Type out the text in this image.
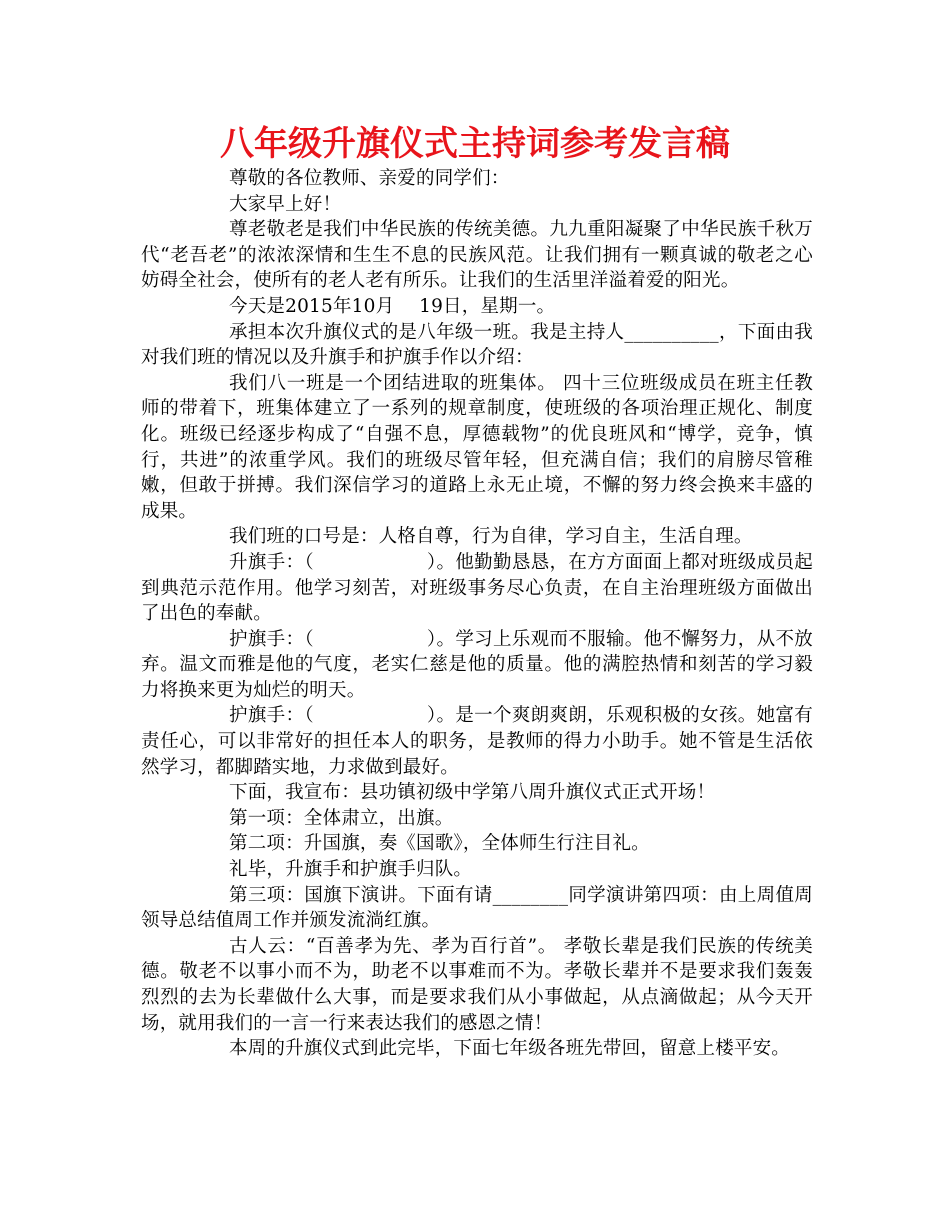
八年级升旗仪式主持词参考发言稿

尊敬的各位教师、亲爱的同学们：

大家早上好！

尊老敬老是我们中华民族的传统美德。九九重阳凝聚了中华民族千秋万代“老吾老”的浓浓深情和生生不息的民族风范。让我们拥有一颗真诚的敬老之心妨碍全社会，使所有的老人老有所乐。让我们的生活里洋溢着爱的阳光。

今天是2015年10月　 19日，星期一。

承担本次升旗仪式的是八年级一班。我是主持人__________，下面由我对我们班的情况以及升旗手和护旗手作以介绍：

我们八一班是一个团结进取的班集体。 四十三位班级成员在班主任教师的带着下，班集体建立了一系列的规章制度，使班级的各项治理正规化、制度化。班级已经逐步构成了“自强不息，厚德载物”的优良班风和“博学，竞争，慎行，共进”的浓重学风。我们的班级尽管年轻，但充满自信；我们的肩膀尽管稚嫩，但敢于拼搏。我们深信学习的道路上永无止境，不懈的努力终会换来丰盛的成果。

我们班的口号是：人格自尊，行为自律，学习自主，生活自理。

升旗手：（　　　　　　）。他勤勤恳恳，在方方面面上都对班级成员起到典范示范作用。他学习刻苦，对班级事务尽心负责，在自主治理班级方面做出了出色的奉献。

护旗手：（　　　　　　）。学习上乐观而不服输。他不懈努力，从不放弃。温文而雅是他的气度，老实仁慈是他的质量。他的满腔热情和刻苦的学习毅力将换来更为灿烂的明天。

护旗手：（　　　　　　）。是一个爽朗爽朗，乐观积极的女孩。她富有责任心，可以非常好的担任本人的职务，是教师的得力小助手。她不管是生活依然学习，都脚踏实地，力求做到最好。

下面，我宣布：县功镇初级中学第八周升旗仪式正式开场！

第一项：全体肃立，出旗。

第二项：升国旗，奏《国歌》，全体师生行注目礼。

礼毕，升旗手和护旗手归队。

第三项：国旗下演讲。下面有请________同学演讲第四项：由上周值周领导总结值周工作并颁发流淌红旗。

古人云：“百善孝为先、孝为百行首”。 孝敬长辈是我们民族的传统美德。敬老不以事小而不为，助老不以事难而不为。孝敬长辈并不是要求我们轰轰烈烈的去为长辈做什么大事，而是要求我们从小事做起，从点滴做起；从今天开场，就用我们的一言一行来表达我们的感恩之情！

本周的升旗仪式到此完毕，下面七年级各班先带回，留意上楼平安。
